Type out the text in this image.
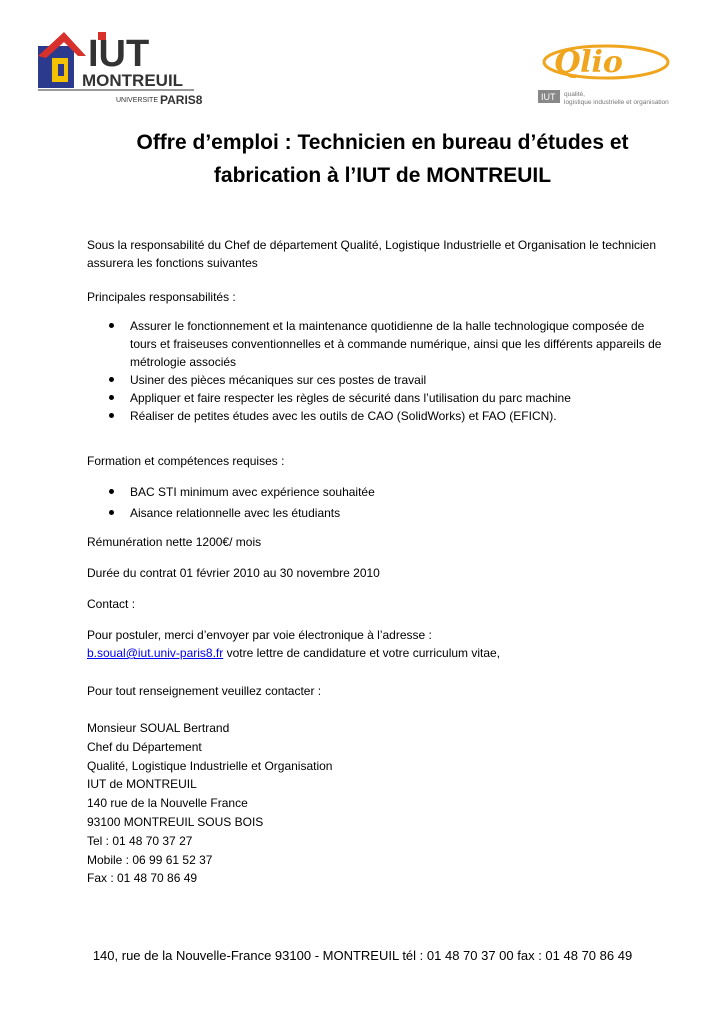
IUT
MONTREUIL
UNIVERSITE PARIS8
Qlio
IUT qualité,
logistique industrielle et organisation
Offre d’emploi : Technicien en bureau d’études et
fabrication à l’IUT de MONTREUIL
Sous la responsabilité du Chef de département Qualité, Logistique Industrielle et Organisation le technicien
assurera les fonctions suivantes
Principales responsabilités :
Assurer le fonctionnement et la maintenance quotidienne de la halle technologique composée de
tours et fraiseuses conventionnelles et à commande numérique, ainsi que les différents appareils de
métrologie associés
Usiner des pièces mécaniques sur ces postes de travail
Appliquer et faire respecter les règles de sécurité dans l’utilisation du parc machine
Réaliser de petites études avec les outils de CAO (SolidWorks) et FAO (EFICN).
Formation et compétences requises :
BAC STI minimum avec expérience souhaitée
Aisance relationnelle avec les étudiants
Rémunération nette 1200€/ mois
Durée du contrat 01 février 2010 au 30 novembre 2010
Contact :
Pour postuler, merci d’envoyer par voie électronique à l’adresse :
b.soual@iut.univ-paris8.fr votre lettre de candidature et votre curriculum vitae,
Pour tout renseignement veuillez contacter :
Monsieur SOUAL Bertrand
Chef du Département
Qualité, Logistique Industrielle et Organisation
IUT de MONTREUIL
140 rue de la Nouvelle France
93100 MONTREUIL SOUS BOIS
Tel : 01 48 70 37 27
Mobile : 06 99 61 52 37
Fax : 01 48 70 86 49
140, rue de la Nouvelle-France 93100 - MONTREUIL tél : 01 48 70 37 00 fax : 01 48 70 86 49
